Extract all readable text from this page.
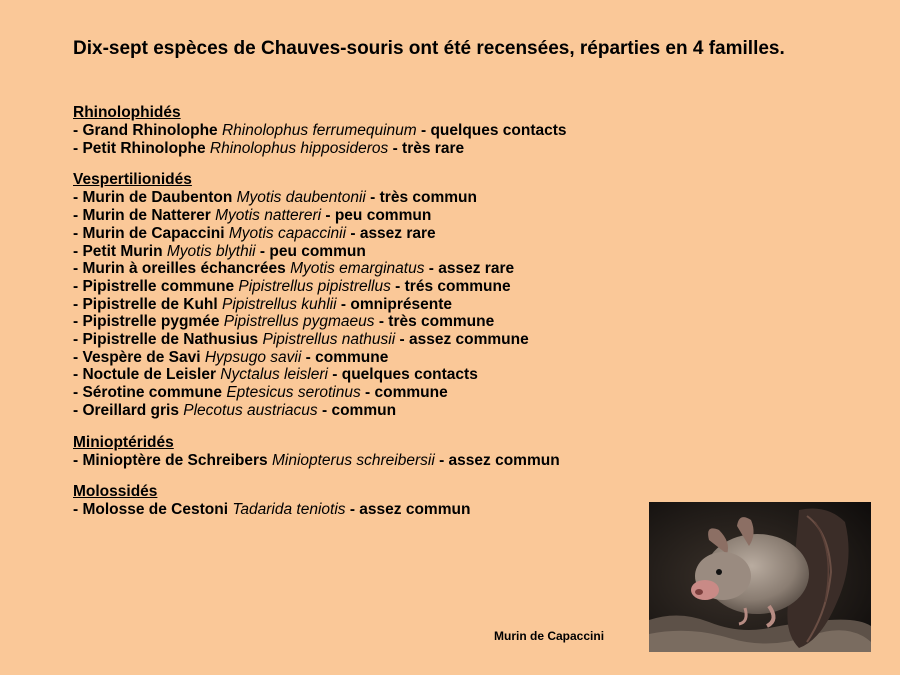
Dix-sept espèces de Chauves-souris ont été recensées, réparties en 4 familles.
Rhinolophidés
- Grand Rhinolophe Rhinolophus ferrumequinum - quelques contacts
- Petit Rhinolophe Rhinolophus hipposideros - très rare
Vespertilionidés
- Murin de Daubenton Myotis daubentonii - très commun
- Murin de Natterer Myotis nattereri - peu commun
- Murin de Capaccini Myotis capaccinii - assez rare
- Petit Murin Myotis blythii - peu commun
- Murin à oreilles échancrées Myotis emarginatus - assez rare
- Pipistrelle commune Pipistrellus pipistrellus - trés commune
- Pipistrelle de Kuhl Pipistrellus kuhlii - omniprésente
- Pipistrelle pygmée Pipistrellus pygmaeus - très commune
- Pipistrelle de Nathusius Pipistrellus nathusii - assez commune
- Vespère de Savi Hypsugo savii - commune
- Noctule de Leisler Nyctalus leisleri - quelques contacts
- Sérotine commune Eptesicus serotinus - commune
- Oreillard gris Plecotus austriacus - commun
Minioptéridés
- Minioptère de Schreibers Miniopterus schreibersii - assez commun
Molossidés
- Molosse de Cestoni Tadarida teniotis - assez commun

Murin de Capaccini
